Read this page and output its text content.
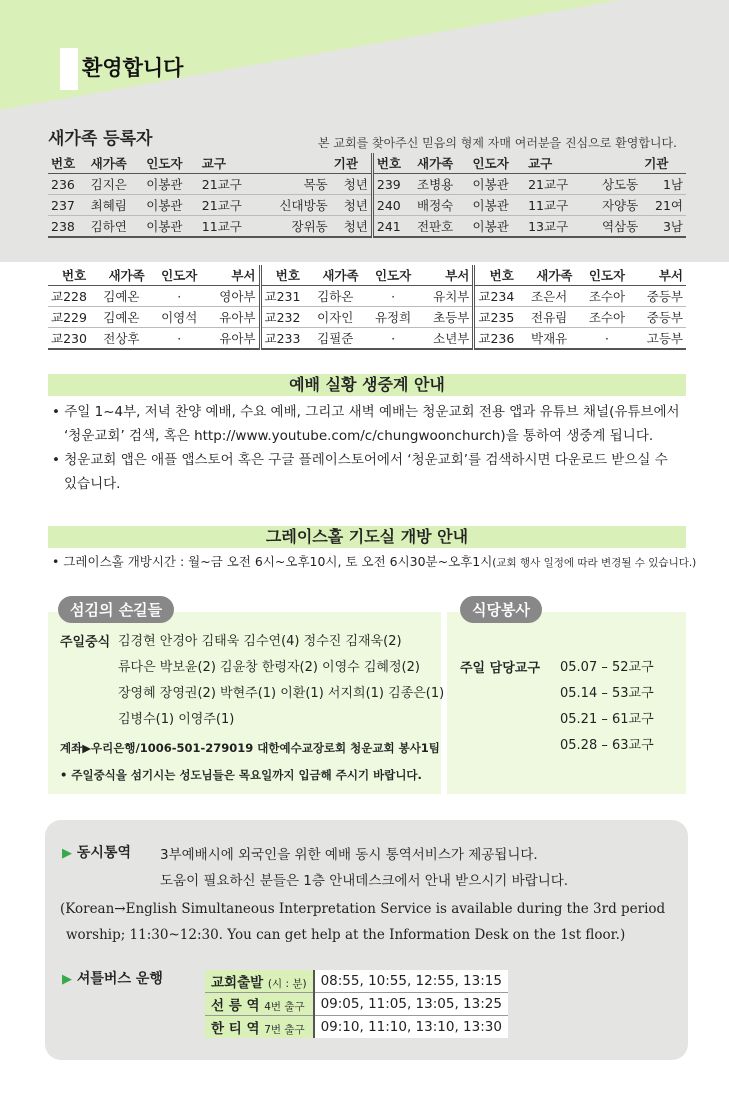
환영합니다
새가족 등록자	본 교회를 찾아주신 믿음의 형제 자매 여러분을 진심으로 환영합니다.
번호	새가족	인도자	교구		기관	번호	새가족	인도자	교구		기관
236	김지은	이봉관	21교구	목동	청년	239	조병용	이봉관	21교구	상도동	1남
237	최혜림	이봉관	21교구	신대방동	청년	240	배정숙	이봉관	11교구	자양동	21여
238	김하연	이봉관	11교구	장위동	청년	241	전판호	이봉관	13교구	역삼동	3남
번호	새가족	인도자	부서	번호	새가족	인도자	부서	번호	새가족	인도자	부서
교228	김예온	·	영아부	교231	김하온	·	유치부	교234	조은서	조수아	중등부
교229	김예온	이영석	유아부	교232	이자인	유정희	초등부	교235	전유림	조수아	중등부
교230	전상후	·	유아부	교233	김필준	·	소년부	교236	박재유	·	고등부
예배 실황 생중계 안내
• 주일 1~4부, 저녁 찬양 예배, 수요 예배, 그리고 새벽 예배는 청운교회 전용 앱과 유튜브 채널(유튜브에서
‘청운교회’ 검색, 혹은 http://www.youtube.com/c/chungwoonchurch)을 통하여 생중계 됩니다.
• 청운교회 앱은 애플 앱스토어 혹은 구글 플레이스토어에서 ‘청운교회’를 검색하시면 다운로드 받으실 수
있습니다.
그레이스홀 기도실 개방 안내
• 그레이스홀 개방시간 : 월~금 오전 6시~오후10시, 토 오전 6시30분~오후1시(교회 행사 일정에 따라 변경될 수 있습니다.)
섬김의 손길들
주일중식 김경현 안경아 김태욱 김수연(4) 정수진 김재욱(2)
류다은 박보윤(2) 김윤창 한령자(2) 이영수 김혜정(2)
장영혜 장영권(2) 박현주(1) 이환(1) 서지희(1) 김종은(1)
김병수(1) 이영주(1)
계좌▶우리은행/1006-501-279019 대한예수교장로회 청운교회 봉사1팀
• 주일중식을 섬기시는 성도님들은 목요일까지 입금해 주시기 바랍니다.
식당봉사
주일 담당교구 05.07 – 52교구
05.14 – 53교구
05.21 – 61교구
05.28 – 63교구
▶ 동시통역 3부예배시에 외국인을 위한 예배 동시 통역서비스가 제공됩니다.
도움이 필요하신 분들은 1층 안내데스크에서 안내 받으시기 바랍니다.
(Korean→English Simultaneous Interpretation Service is available during the 3rd period
worship; 11:30~12:30. You can get help at the Information Desk on the 1st floor.)
▶ 셔틀버스 운행	교회출발 (시 : 분)	08:55, 10:55, 12:55, 13:15
선 릉 역 4번 출구	09:05, 11:05, 13:05, 13:25
한 티 역 7번 출구	09:10, 11:10, 13:10, 13:30
